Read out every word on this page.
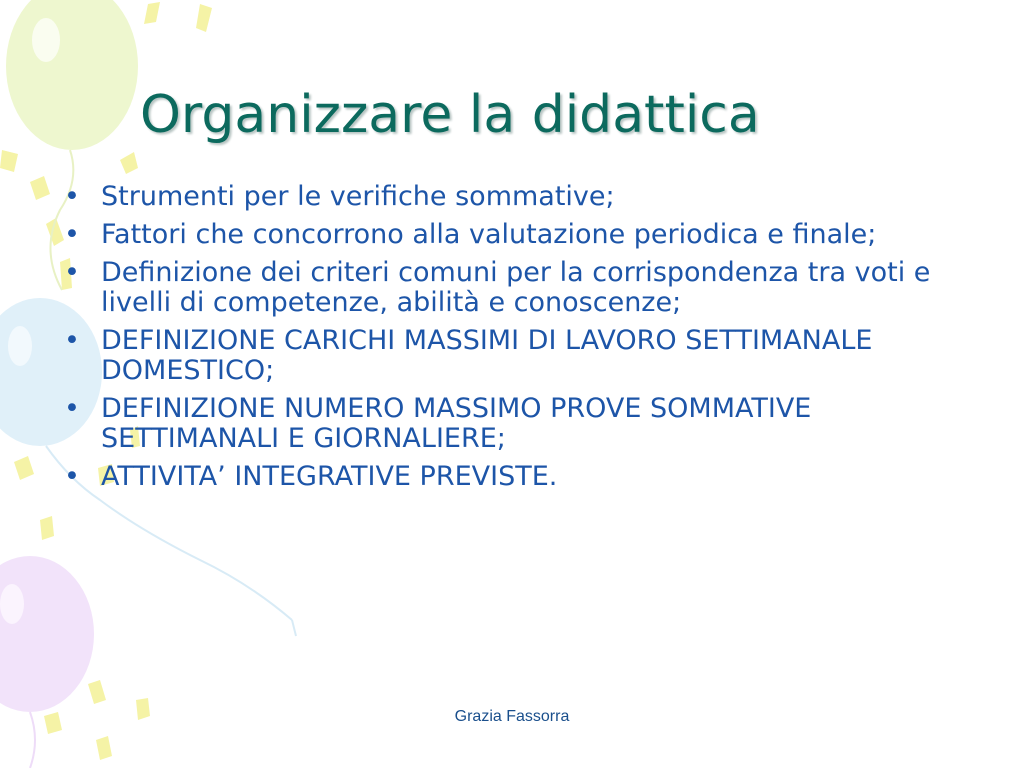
Organizzare la didattica
• Strumenti per le verifiche sommative;
• Fattori che concorrono alla valutazione periodica e finale;
• Definizione dei criteri comuni per la corrispondenza tra voti e livelli di competenze, abilità e conoscenze;
• DEFINIZIONE CARICHI MASSIMI DI LAVORO SETTIMANALE DOMESTICO;
• DEFINIZIONE NUMERO MASSIMO PROVE SOMMATIVE SETTIMANALI E GIORNALIERE;
• ATTIVITA’ INTEGRATIVE PREVISTE.
Grazia Fassorra
